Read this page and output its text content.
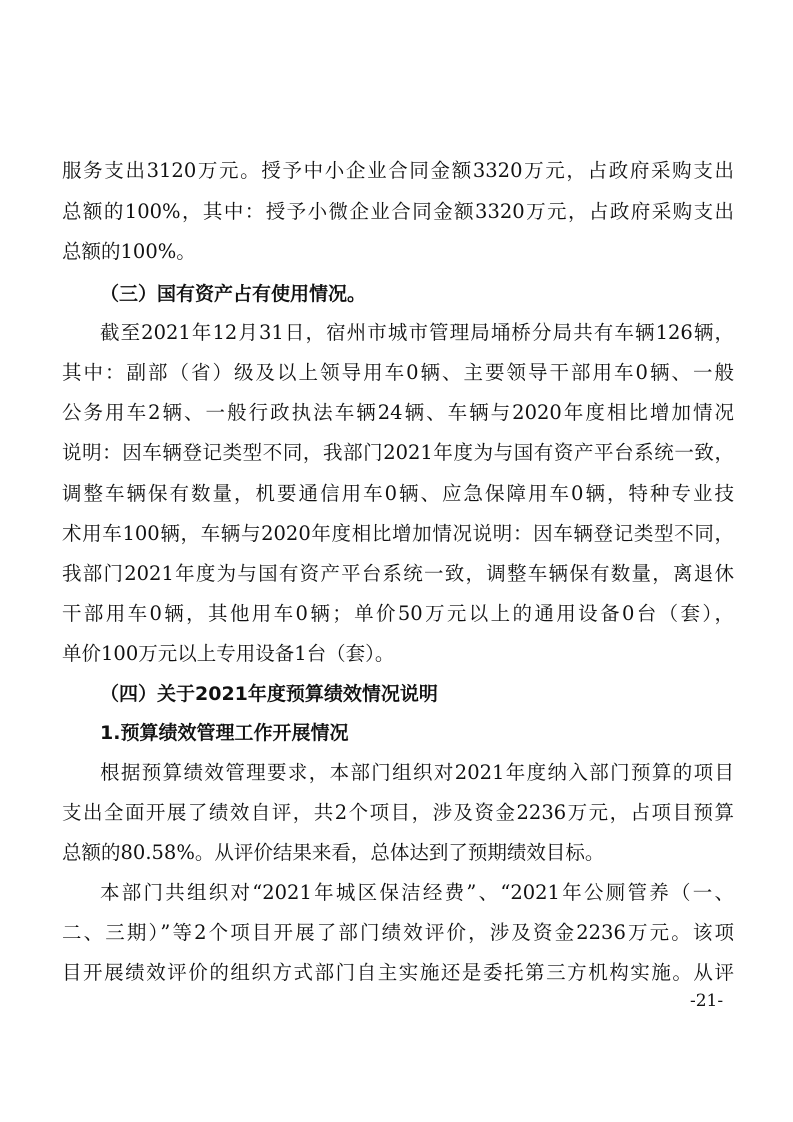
服务支出3120万元。授予中小企业合同金额3320万元，占政府采购支出
总额的100%，其中：授予小微企业合同金额3320万元，占政府采购支出
总额的100%。
（三）国有资产占有使用情况。
截至2021年12月31日，宿州市城市管理局埇桥分局共有车辆126辆，
其中：副部（省）级及以上领导用车0辆、主要领导干部用车0辆、一般
公务用车2辆、一般行政执法车辆24辆、车辆与2020年度相比增加情况
说明：因车辆登记类型不同，我部门2021年度为与国有资产平台系统一致，
调整车辆保有数量，机要通信用车0辆、应急保障用车0辆，特种专业技
术用车100辆，车辆与2020年度相比增加情况说明：因车辆登记类型不同，
我部门2021年度为与国有资产平台系统一致，调整车辆保有数量，离退休
干部用车0辆，其他用车0辆；单价50万元以上的通用设备0台（套），
单价100万元以上专用设备1台（套）。
（四）关于2021年度预算绩效情况说明
1.预算绩效管理工作开展情况
根据预算绩效管理要求，本部门组织对2021年度纳入部门预算的项目
支出全面开展了绩效自评，共2个项目，涉及资金2236万元，占项目预算
总额的80.58%。从评价结果来看，总体达到了预期绩效目标。
本部门共组织对“2021年城区保洁经费”、“2021年公厕管养（一、
二、三期）”等2个项目开展了部门绩效评价，涉及资金2236万元。该项
目开展绩效评价的组织方式部门自主实施还是委托第三方机构实施。从评
-21-
